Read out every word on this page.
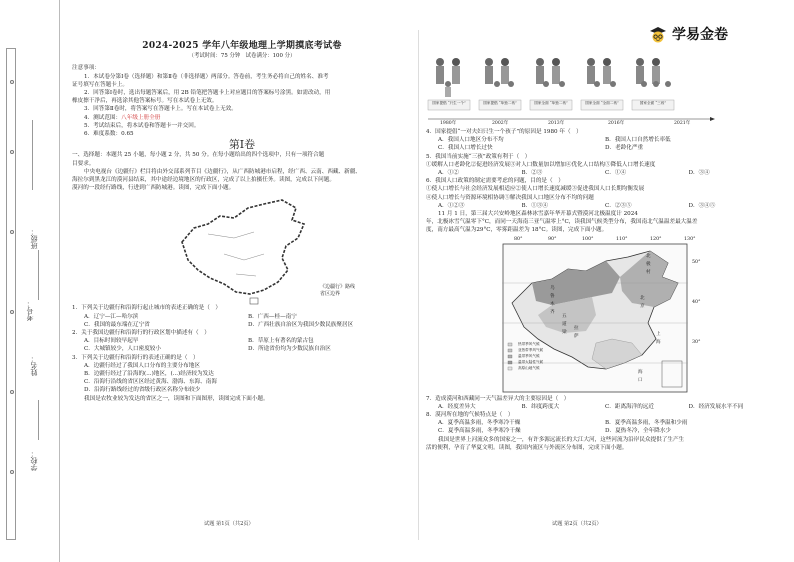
考号：
班级：
姓名：
学校：
学易金卷
2024-2025 学年八年级地理上学期摸底考试卷
（考试时间：75 分钟　试卷满分：100 分）
注意事项：
1．本试卷分第Ⅰ卷（选择题）和第Ⅱ卷（非选择题）两部分。答卷前，考生务必将自己的姓名、准考
证号填写在答题卡上。
2．回答第Ⅰ卷时，选出每题答案后，用 2B 铅笔把答题卡上对应题目的答案标号涂黑。如需改动，用
橡皮擦干净后，再选涂其他答案标号。写在本试卷上无效。
3．回答第Ⅱ卷时，将答案写在答题卡上。写在本试卷上无效。
4．测试范围：八年级上册全册
5．考试结束后，将本试卷和答题卡一并交回。
6．难度系数：0.65
第Ⅰ卷
一、选择题：本题共 25 小题，每小题 2 分，共 50 分。在每小题给出的四个选项中，只有一项符合题
目要求。
中央电视台《边疆行》栏目将由外交部系列节目《边疆行》，从广西防城港市启程，经广西、云南、西藏、新疆、
海拉尔到黑龙江的漠河县结束，其中途经边境地区的行政区，完成了以上拍摄任务。读图，完成以下问题。
漠河的一段经行路线，行进到广西防城港。读图，完成下面小题。
《边疆行》路线
省区边界
1．下列关于边疆行和沿海行起止城市的表述正确的是（　）
A．辽宁—江—哈尔滨	B．广西—桂—南宁
C．我国的最东端在辽宁省	D．广西壮族自治区为我国少数民族聚居区
2．关于我国边疆行和沿海行的行政区划中描述有（　）
A．目标时间较早起早	B．草原上有著名的蒙古包
C．大城镇较少，人口密度较小	D．所途省份均为少数民族自治区
3．下列关于边疆行和沿海行的表述正确的是（　）
A．边疆行经过了我国人口分布的主要分布地区
B．边疆行经过了沿海的(...)地区，(...)经济较为发达
C．沿海行沿线的省区区经过黄海、渤海、东海、南海
D．沿海行路线经过的省级行政区名称分布较少
我国是农牧业较为发达的省区之一，读图和下面图形，读图完成下面小题。
试题 第1页（共2页）
国家提倡 “只生一个”	国家提倡 “单独二孩”	国家全面 “单独二孩”	国家全面 “全面二孩”	国家全面 “三孩”
1980年	2002年	2013年	2016年	2021年
4．国家提倡“一对夫妇只生一个孩子”的原因是 1980 年（　）
A．我国人口地区分布不均	B．我国人口自然增长率低
C．我国人口增长过快	D．老龄化严重
5．我国当前实施“三孩”政策有利于（　）
①缓解人口老龄化②促进经济发展③对人口数量加以增加④优化人口结构⑤降低人口增长速度
A．①②	B．②③	C．①④	D．③④
6．我国人口政策的制定需要考虑的问题，目的是（　）
①使人口增长与社会经济发展相适应②使人口增长速度减缓③促进我国人口长期均衡发展
④使人口增长与资源环境相协调⑤解决我国人口地区分布不均的问题
A．①②③	B．①③④	C．②③⑤	D．③④⑤
11 月 1 日，第三届大兴安岭地区森林冰雪嘉年华开幕式暨漠河北极温度计 2024
年，北极冰雪气温零下°C，而同一天海南三亚气温零上°C，读我国气候类型分布，我国南北气温温差最大温差
度，南方最高气温为29°C，零雾距温差为 18°C。读图，完成下面小题。
80°	90°	100°	110°	120°	130°
热带季风气候
亚热带季风气候
温带季风气候
温带大陆性气候
高原山地气候
北极村
乌鲁木齐
北京
拉萨	上海
海口
五道梁
50°
40°
30°
7．造成漠河和西藏同一天气温差异大的主要原因是（　）
A．经度差异大	B．纬度跨度大	C．距离海洋的远近	D．经济发展水平不同
8．漠河所在地的气候特点是（　）
A．夏季高温多雨，冬季寒冷干燥	B．夏季高温多雨，冬季温和少雨
C．夏季高温多雨，冬季寒冷干燥	D．夏热冬冷，全年降水少
我国是世界上河流众多的国家之一，有许多源远流长的大江大河，这些河流为沿岸民众提供了生产生
活的便利，孕育了华夏文明。读图，我国内流区与外流区分布图，完成下面小题。
试题 第2页（共2页）
